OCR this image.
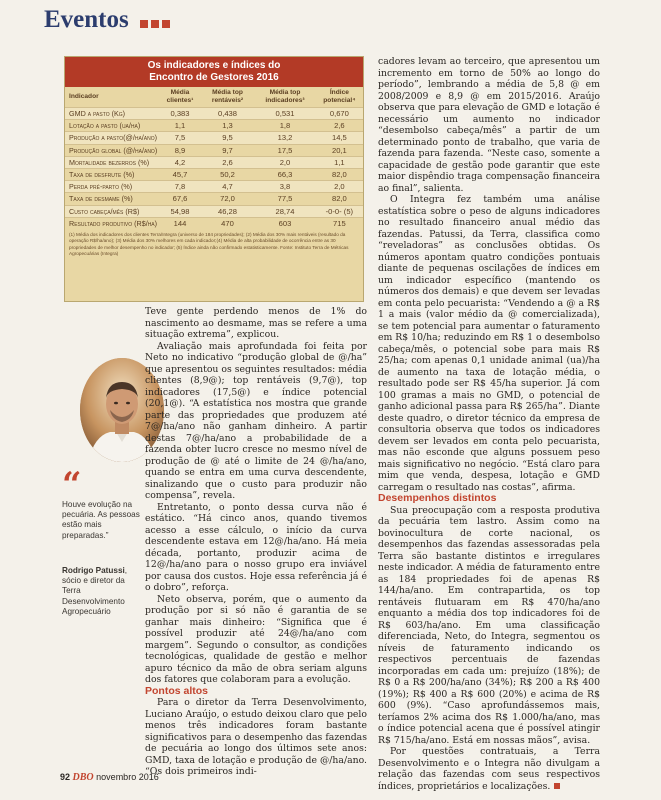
Eventos
Os indicadores e índices do
Encontro de Gestores 2016
Indicador	Média clientes¹	Média top rentáveis²	Média top indicadores³	Índice potencial⁴
GMD a pasto (Kg)	0,383	0,438	0,531	0,670
Lotação a pasto (ua/ha)	1,1	1,3	1,8	2,6
Produção a pasto(@/ha/ano)	7,5	9,5	13,2	14,5
Produção global (@/ha/ano)	8,9	9,7	17,5	20,1
Mortalidade bezerros (%)	4,2	2,6	2,0	1,1
Taxa de desfrute (%)	45,7	50,2	66,3	82,0
Perda pré-parto (%)	7,8	4,7	3,8	2,0
Taxa de desmame (%)	67,6	72,0	77,5	82,0
Custo cabeça/mês (R$)	54,98	46,28	28,74	-0-0- (5)
Resultado produtivo (R$/ha)	144	470	603	715
(1) Média dos indicadores dos clientes Terra/Integra (universo de 184 propriedades); (2) Média dos 30% mais rentáveis (resultado da operação R$/ha/ano); (3) Média dos 30% melhores em cada indicador;(4) Média de alta probabilidade de ocorrência entre as 30 propriedades de melhor desempenho no indicador; (5) Índice ainda não confirmado estatisticamente. Fonte: Instituto Terra de Métricas Agropecuárias (Integra)
“
Houve evolução na pecuária. As pessoas estão mais preparadas.”
Rodrigo Patussi, sócio e diretor da Terra Desenvolvimento Agropecuário

Teve gente perdendo menos de 1% do nascimento ao desmame, mas se refere a uma situação extrema”, explicou.

Avaliação mais aprofundada foi feita por Neto no indicativo “produção global de @/ha” que apresentou os seguintes resultados: média clientes (8,9@); top rentáveis (9,7@), top indicadores (17,5@) e índice potencial (20,1@). “A estatística nos mostra que grande parte das propriedades que produzem até 7@/ha/ano não ganham dinheiro. A partir destas 7@/ha/ano a probabilidade de a fazenda obter lucro cresce no mesmo nível de produção de @ até o limite de 24 @/ha/ano, quando se entra em uma curva descendente, sinalizando que o custo para produzir não compensa”, revela.

Entretanto, o ponto dessa curva não é estático. “Há cinco anos, quando tivemos acesso a esse cálculo, o início da curva descendente estava em 12@/ha/ano. Há meia década, portanto, produzir acima de 12@/ha/ano para o nosso grupo era inviável por causa dos custos. Hoje essa referência já é o dobro”, reforça.

Neto observa, porém, que o aumento da produção por si só não é garantia de se ganhar mais dinheiro: “Significa que é possível produzir até 24@/ha/ano com margem”. Segundo o consultor, as condições tecnológicas, qualidade de gestão e melhor apuro técnico da mão de obra seriam alguns dos fatores que colaboram para a evolução.

Pontos altos

Para o diretor da Terra Desenvolvimento, Luciano Araújo, o estudo deixou claro que pelo menos três indicadores foram bastante significativos para o desempenho das fazendas de pecuária ao longo dos últimos sete anos: GMD, taxa de lotação e produção de @/ha/ano. “Os dois primeiros indi-

cadores levam ao terceiro, que apresentou um incremento em torno de 50% ao longo do período”, lembrando a média de 5,8 @ em 2008/2009 e 8,9 @ em 2015/2016. Araújo observa que para elevação de GMD e lotação é necessário um aumento no indicador “desembolso cabeça/mês” a partir de um determinado ponto de trabalho, que varia de fazenda para fazenda. “Neste caso, somente a capacidade de gestão pode garantir que este maior dispêndio traga compensação financeira ao final”, salienta.

O Integra fez também uma análise estatística sobre o peso de alguns indicadores no resultado financeiro anual médio das fazendas. Patussi, da Terra, classifica como “reveladoras” as conclusões obtidas. Os números apontam quatro condições pontuais diante de pequenas oscilações de índices em um indicador específico (mantendo os números dos demais) e que devem ser levadas em conta pelo pecuarista: “Vendendo a @ a R$ 1 a mais (valor médio da @ comercializada), se tem potencial para aumentar o faturamento em R$ 10/ha; reduzindo em R$ 1 o desembolso cabeça/mês, o potencial sobe para mais R$ 25/ha; com apenas 0,1 unidade animal (ua)/ha de aumento na taxa de lotação média, o resultado pode ser R$ 45/ha superior. Já com 100 gramas a mais no GMD, o potencial de ganho adicional passa para R$ 265/ha”. Diante deste quadro, o diretor técnico da empresa de consultoria observa que todos os indicadores devem ser levados em conta pelo pecuarista, mas não esconde que alguns possuem peso mais significativo no negócio. “Está claro para mim que venda, despesa, lotação e GMD carregam o resultado nas costas”, afirma.

Desempenhos distintos

Sua preocupação com a resposta produtiva da pecuária tem lastro. Assim como na bovinocultura de corte nacional, os desempenhos das fazendas assessoradas pela Terra são bastante distintos e irregulares neste indicador. A média de faturamento entre as 184 propriedades foi de apenas R$ 144/ha/ano. Em contrapartida, os top rentáveis flutuaram em R$ 470/ha/ano enquanto a média dos top indicadores foi de R$ 603/ha/ano. Em uma classificação diferenciada, Neto, do Integra, segmentou os níveis de faturamento indicando os respectivos percentuais de fazendas incorporadas em cada um: prejuízo (18%); de R$ 0 a R$ 200/ha/ano (34%); R$ 200 a R$ 400 (19%); R$ 400 a R$ 600 (20%) e acima de R$ 600 (9%). “Caso aprofundássemos mais, teríamos 2% acima dos R$ 1.000/ha/ano, mas o índice potencial acena que é possível atingir R$ 715/ha/ano. Está em nossas mãos”, avisa.

Por questões contratuais, a Terra Desenvolvimento e o Integra não divulgam a relação das fazendas com seus respectivos índices, proprietários e localizações.

92 DBO novembro 2016
